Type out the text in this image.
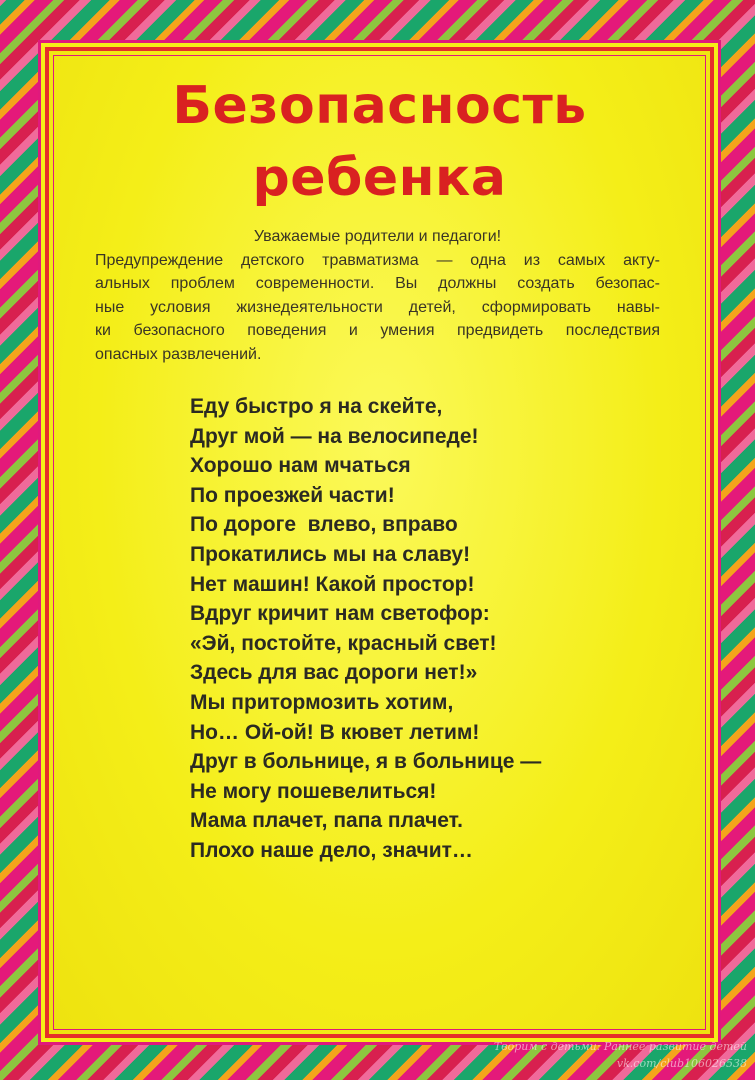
Безопасность
ребенка
Уважаемые родители и педагоги!
Предупреждение детского травматизма — одна из самых акту-
альных проблем современности. Вы должны создать безопас-
ные условия жизнедеятельности детей, сформировать навы-
ки безопасного поведения и умения предвидеть последствия
опасных развлечений.
Еду быстро я на скейте,
Друг мой — на велосипеде!
Хорошо нам мчаться
По проезжей части!
По дороге  влево, вправо
Прокатились мы на славу!
Нет машин! Какой простор!
Вдруг кричит нам светофор:
«Эй, постойте, красный свет!
Здесь для вас дороги нет!»
Мы притормозить хотим,
Но… Ой-ой! В кювет летим!
Друг в больнице, я в больнице —
Не могу пошевелиться!
Мама плачет, папа плачет.
Плохо наше дело, значит…
Творим с детьми: Раннее развитие детей
vk.com/club106026538
